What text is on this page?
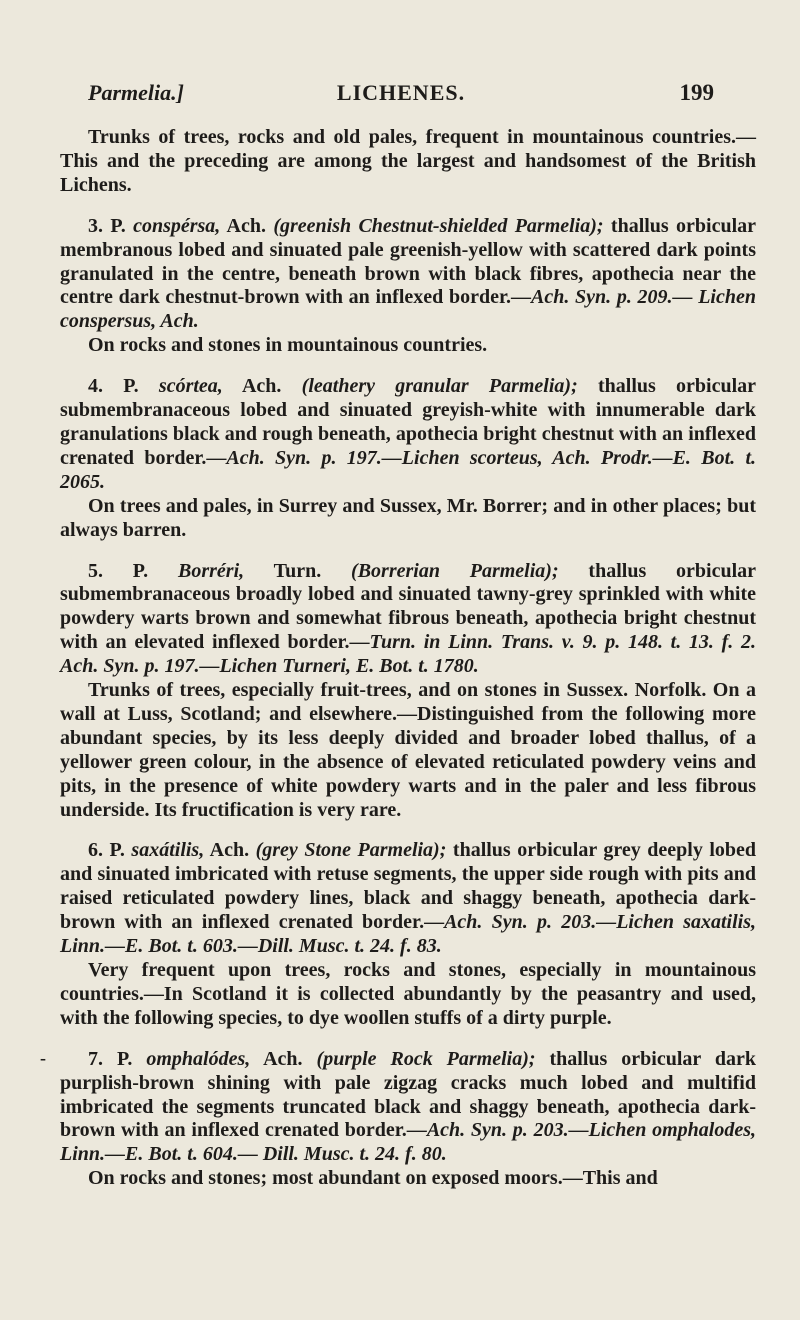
Parmelia.]	LICHENES.	199

Trunks of trees, rocks and old pales, frequent in mountainous countries.—This and the preceding are among the largest and handsomest of the British Lichens.

3. P. conspérsa, Ach. (greenish Chestnut-shielded Parmelia); thallus orbicular membranous lobed and sinuated pale greenish-yellow with scattered dark points granulated in the centre, beneath brown with black fibres, apothecia near the centre dark chestnut-brown with an inflexed border.—Ach. Syn. p. 209.— Lichen conspersus, Ach.

On rocks and stones in mountainous countries.

4. P. scórtea, Ach. (leathery granular Parmelia); thallus orbicular submembranaceous lobed and sinuated greyish-white with innumerable dark granulations black and rough beneath, apothecia bright chestnut with an inflexed crenated border.—Ach. Syn. p. 197.—Lichen scorteus, Ach. Prodr.—E. Bot. t. 2065.

On trees and pales, in Surrey and Sussex, Mr. Borrer; and in other places; but always barren.

5. P. Borréri, Turn. (Borrerian Parmelia); thallus orbicular submembranaceous broadly lobed and sinuated tawny-grey sprinkled with white powdery warts brown and somewhat fibrous beneath, apothecia bright chestnut with an elevated inflexed border.—Turn. in Linn. Trans. v. 9. p. 148. t. 13. f. 2. Ach. Syn. p. 197.—Lichen Turneri, E. Bot. t. 1780.

Trunks of trees, especially fruit-trees, and on stones in Sussex. Norfolk. On a wall at Luss, Scotland; and elsewhere.—Distinguished from the following more abundant species, by its less deeply divided and broader lobed thallus, of a yellower green colour, in the absence of elevated reticulated powdery veins and pits, in the presence of white powdery warts and in the paler and less fibrous underside. Its fructification is very rare.

6. P. saxátilis, Ach. (grey Stone Parmelia); thallus orbicular grey deeply lobed and sinuated imbricated with retuse segments, the upper side rough with pits and raised reticulated powdery lines, black and shaggy beneath, apothecia dark-brown with an inflexed crenated border.—Ach. Syn. p. 203.—Lichen saxatilis, Linn.—E. Bot. t. 603.—Dill. Musc. t. 24. f. 83.

Very frequent upon trees, rocks and stones, especially in mountainous countries.—In Scotland it is collected abundantly by the peasantry and used, with the following species, to dye woollen stuffs of a dirty purple.

7. P. omphalódes, Ach. (purple Rock Parmelia); thallus orbicular dark purplish-brown shining with pale zigzag cracks much lobed and multifid imbricated the segments truncated black and shaggy beneath, apothecia dark-brown with an inflexed crenated border.—Ach. Syn. p. 203.—Lichen omphalodes, Linn.—E. Bot. t. 604.— Dill. Musc. t. 24. f. 80.

On rocks and stones; most abundant on exposed moors.—This and

-
